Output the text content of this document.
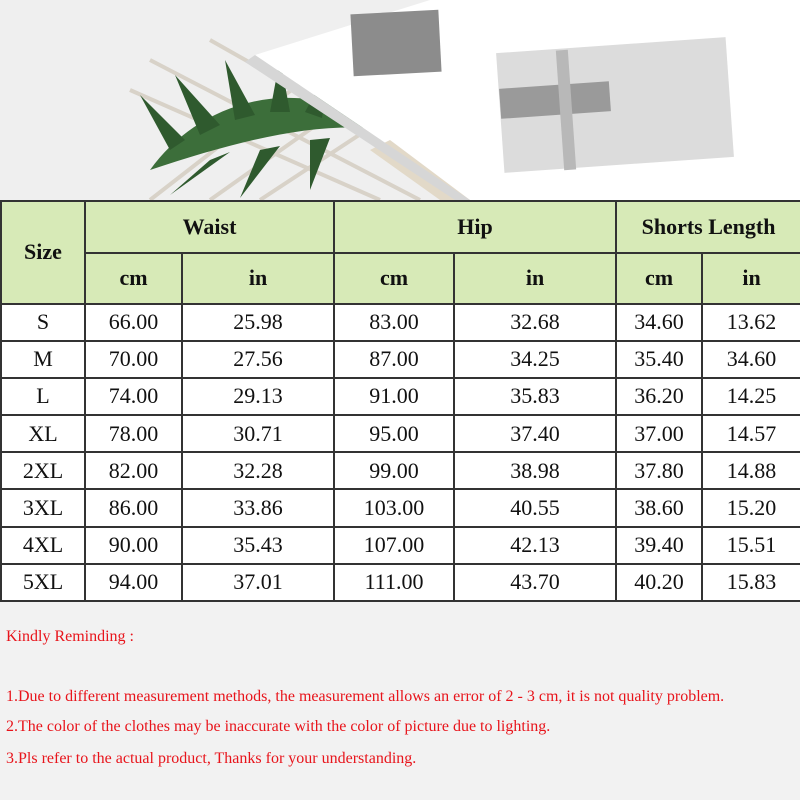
Size	Waist		Hip		Shorts Length	
	cm	in	cm	in	cm	in
S	66.00	25.98	83.00	32.68	34.60	13.62
M	70.00	27.56	87.00	34.25	35.40	34.60
L	74.00	29.13	91.00	35.83	36.20	14.25
XL	78.00	30.71	95.00	37.40	37.00	14.57
2XL	82.00	32.28	99.00	38.98	37.80	14.88
3XL	86.00	33.86	103.00	40.55	38.60	15.20
4XL	90.00	35.43	107.00	42.13	39.40	15.51
5XL	94.00	37.01	111.00	43.70	40.20	15.83

Kindly Reminding :

1.Due to different measurement methods, the measurement allows an error of 2 - 3 cm, it is not quality problem.

2.The color of the clothes may be inaccurate with the color of picture due to lighting.

3.Pls refer to the actual product, Thanks for your understanding.
